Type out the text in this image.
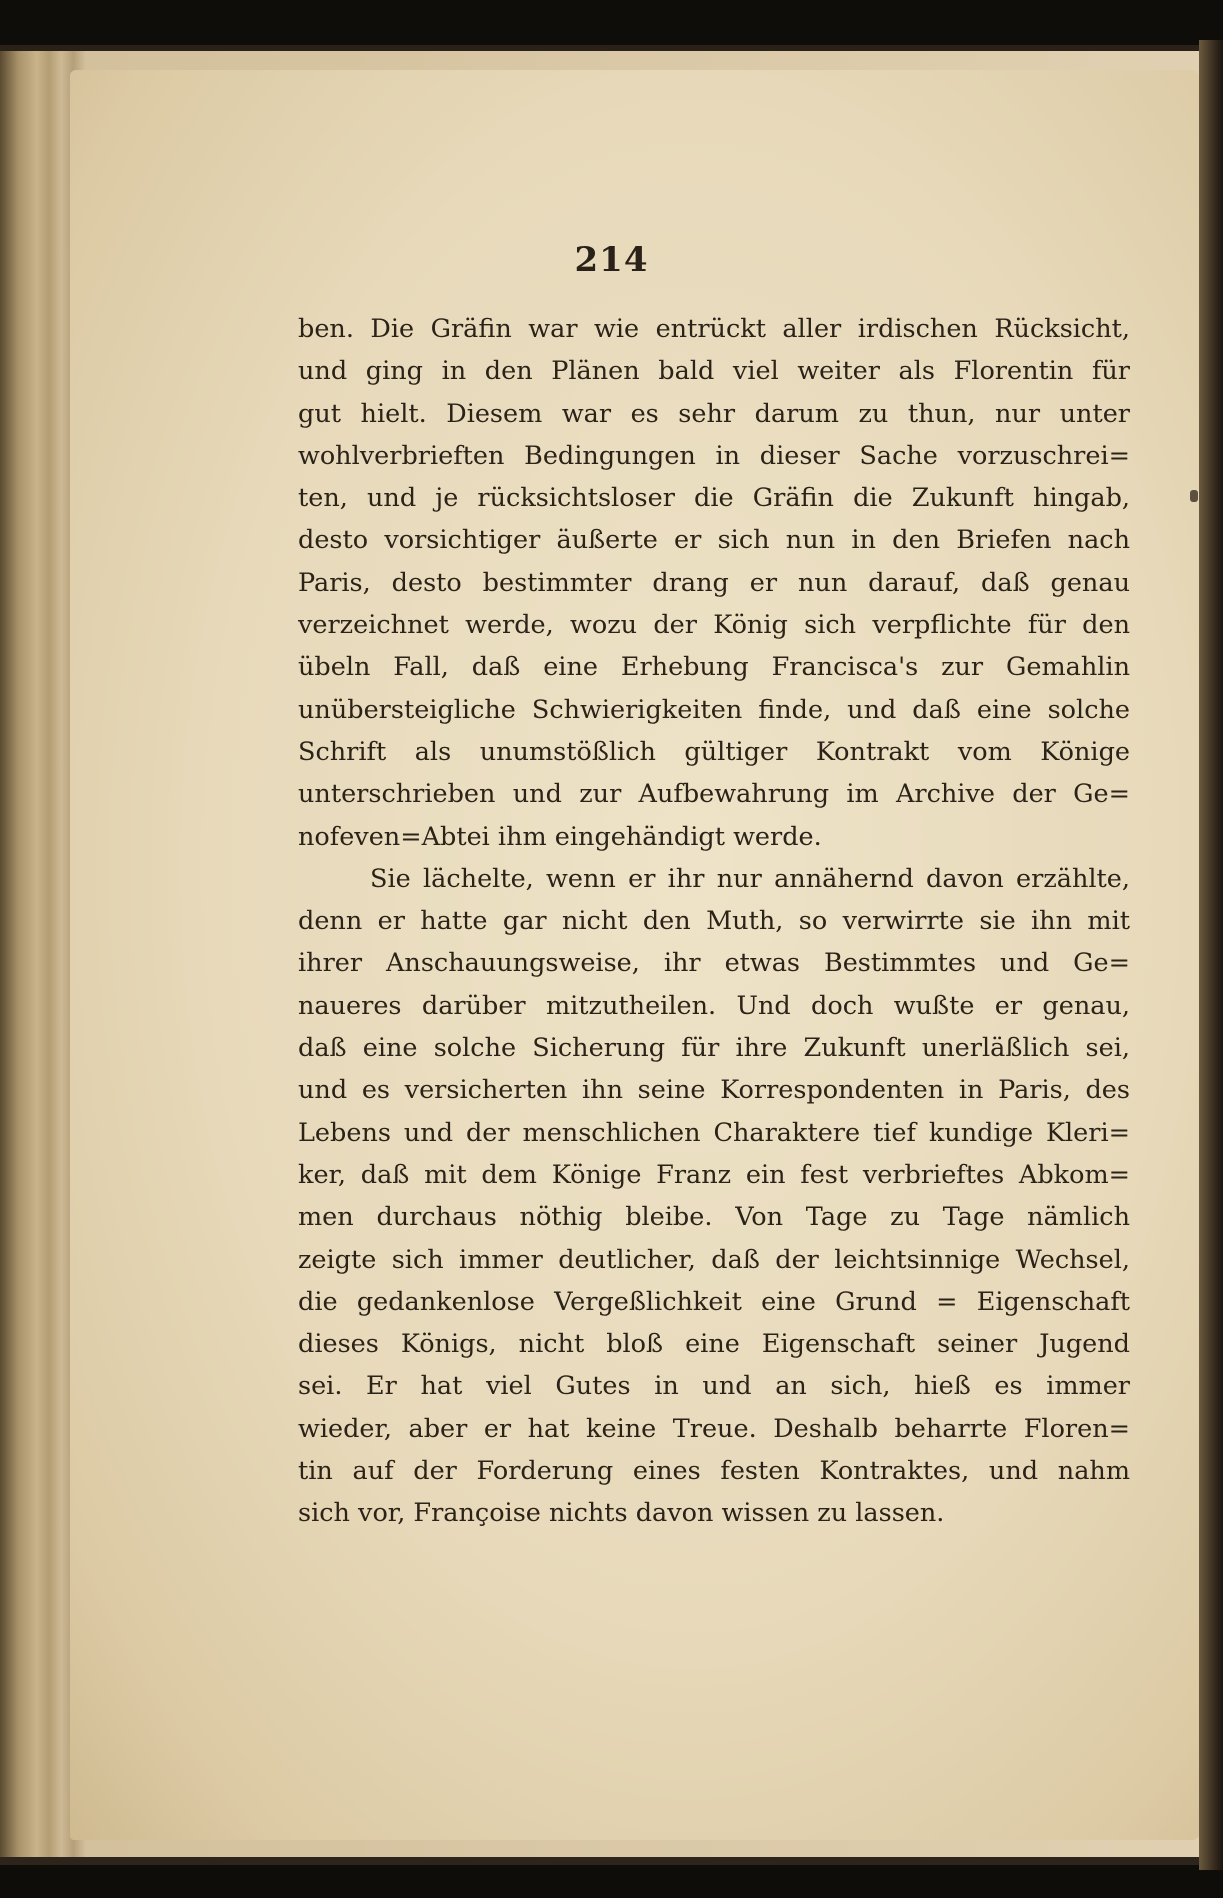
214
ben. Die Gräfin war wie entrückt aller irdischen Rücksicht,
und ging in den Plänen bald viel weiter als Florentin für
gut hielt. Diesem war es sehr darum zu thun, nur unter
wohlverbrieften Bedingungen in dieser Sache vorzuschrei=
ten, und je rücksichtsloser die Gräfin die Zukunft hingab,
desto vorsichtiger äußerte er sich nun in den Briefen nach
Paris, desto bestimmter drang er nun darauf, daß genau
verzeichnet werde, wozu der König sich verpflichte für den
übeln Fall, daß eine Erhebung Francisca's zur Gemahlin
unübersteigliche Schwierigkeiten finde, und daß eine solche
Schrift als unumstößlich gültiger Kontrakt vom Könige
unterschrieben und zur Aufbewahrung im Archive der Ge=
nofeven=Abtei ihm eingehändigt werde.
Sie lächelte, wenn er ihr nur annähernd davon erzählte,
denn er hatte gar nicht den Muth, so verwirrte sie ihn mit
ihrer Anschauungsweise, ihr etwas Bestimmtes und Ge=
naueres darüber mitzutheilen. Und doch wußte er genau,
daß eine solche Sicherung für ihre Zukunft unerläßlich sei,
und es versicherten ihn seine Korrespondenten in Paris, des
Lebens und der menschlichen Charaktere tief kundige Kleri=
ker, daß mit dem Könige Franz ein fest verbrieftes Abkom=
men durchaus nöthig bleibe. Von Tage zu Tage nämlich
zeigte sich immer deutlicher, daß der leichtsinnige Wechsel,
die gedankenlose Vergeßlichkeit eine Grund = Eigenschaft
dieses Königs, nicht bloß eine Eigenschaft seiner Jugend
sei. Er hat viel Gutes in und an sich, hieß es immer
wieder, aber er hat keine Treue. Deshalb beharrte Floren=
tin auf der Forderung eines festen Kontraktes, und nahm
sich vor, Françoise nichts davon wissen zu lassen.
